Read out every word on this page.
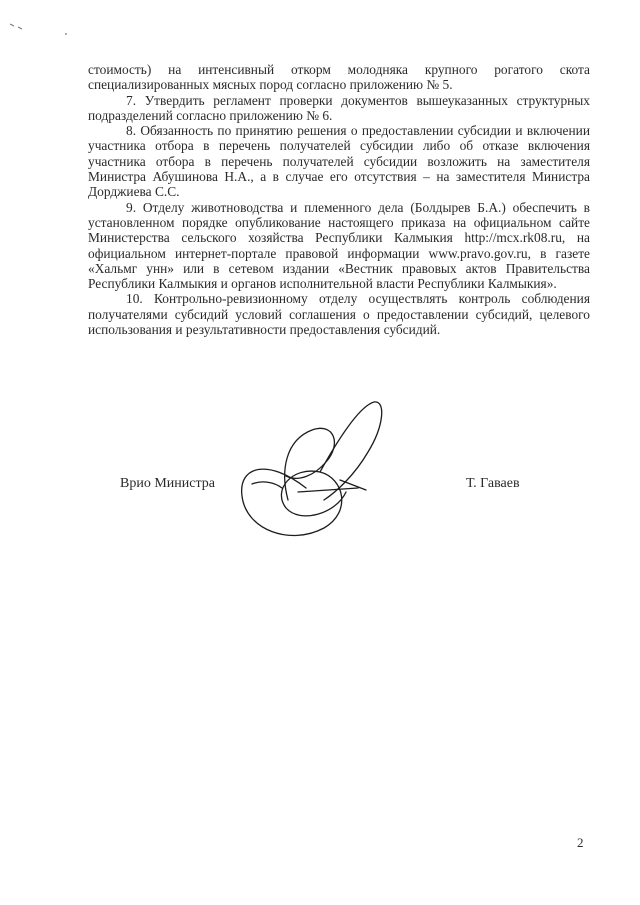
стоимость) на интенсивный откорм молодняка крупного рогатого скота специализированных мясных пород согласно приложению № 5.

7. Утвердить регламент проверки документов вышеуказанных структурных подразделений согласно приложению № 6.

8. Обязанность по принятию решения о предоставлении субсидии и включении участника отбора в перечень получателей субсидии либо об отказе включения участника отбора в перечень получателей субсидии возложить на заместителя Министра Абушинова Н.А., а в случае его отсутствия – на заместителя Министра Дорджиева С.С.

9. Отделу животноводства и племенного дела (Болдырев Б.А.) обеспечить в установленном порядке опубликование настоящего приказа на официальном сайте Министерства сельского хозяйства Республики Калмыкия http://mcx.rk08.ru, на официальном интернет-портале правовой информации www.pravo.gov.ru, в газете «Хальмг унн» или в сетевом издании «Вестник правовых актов Правительства Республики Калмыкия и органов исполнительной власти Республики Калмыкия».

10. Контрольно-ревизионному отделу осуществлять контроль соблюдения получателями субсидий условий соглашения о предоставлении субсидий, целевого использования и результативности предоставления субсидий.

Врио Министра	Т. Гаваев
2
